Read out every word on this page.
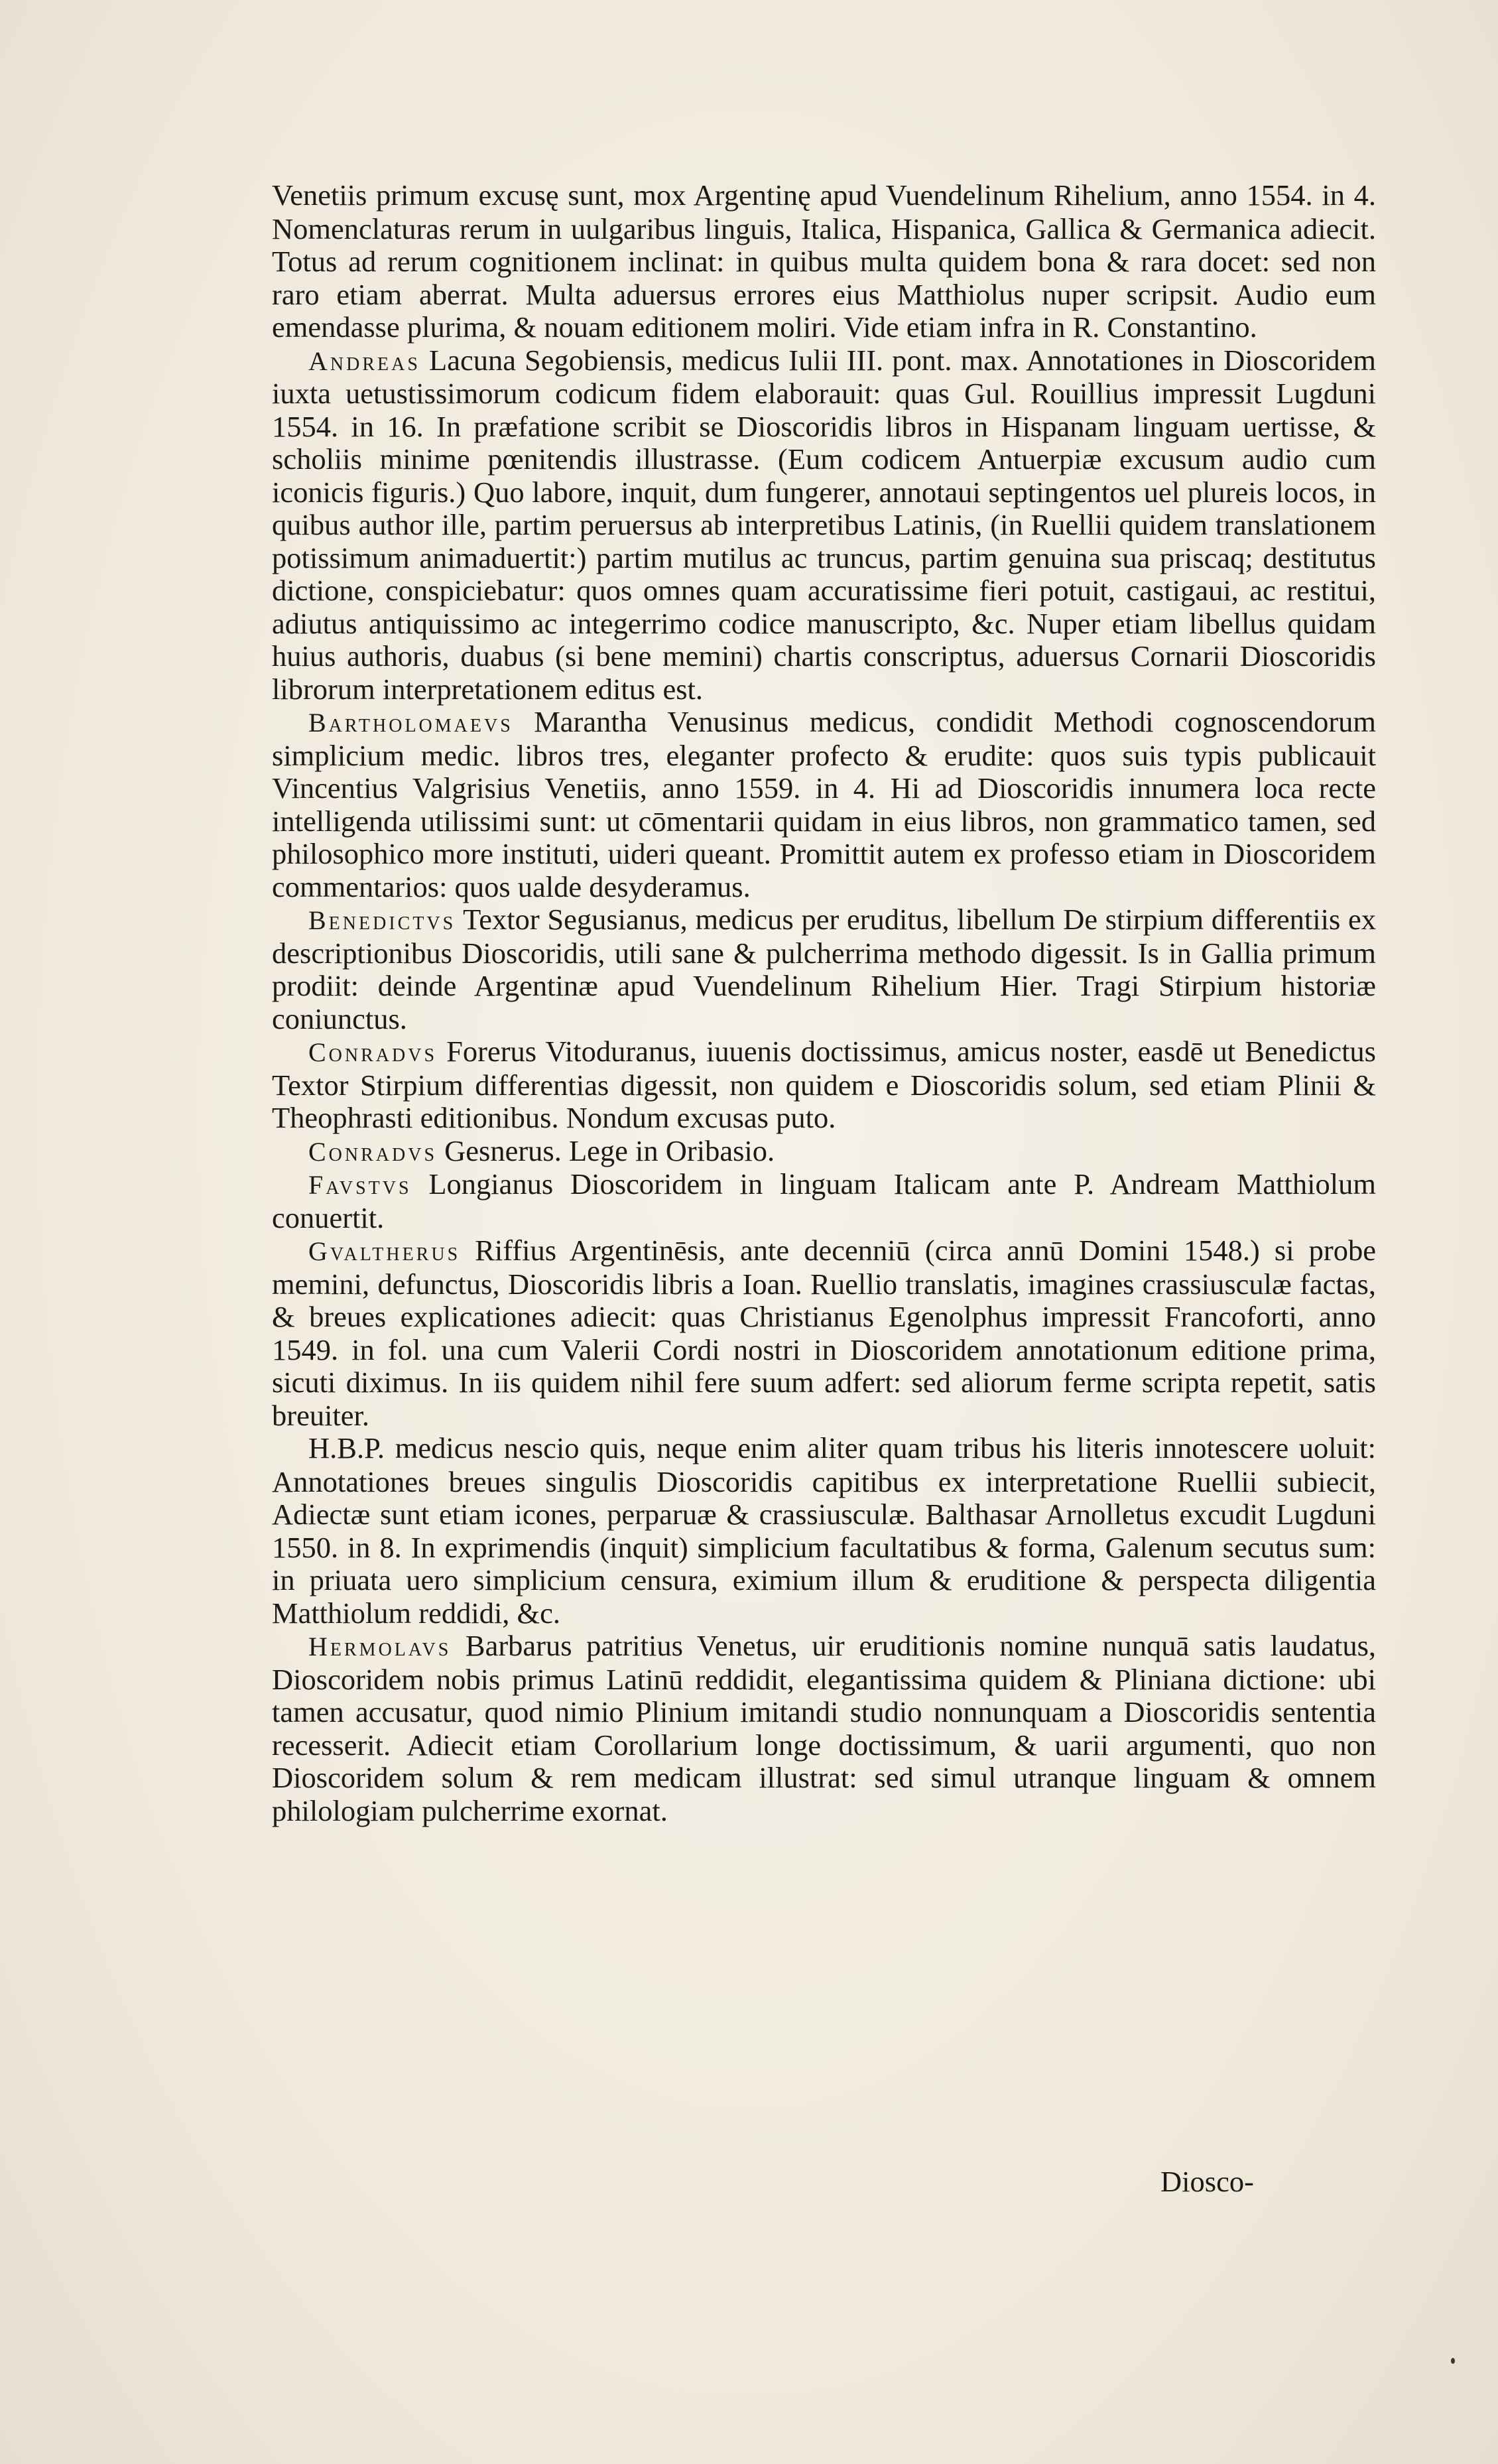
Venetiis primum excusę sunt, mox Argentinę apud Vuendelinum Rihelium, anno 1554. in 4. Nomenclaturas rerum in uulgaribus linguis, Italica, Hispanica, Gallica & Germanica adiecit. Totus ad rerum cognitionem inclinat: in quibus multa quidem bona & rara docet: sed non raro etiam aberrat. Multa aduersus errores eius Matthiolus nuper scripsit. Audio eum emendasse plurima, & nouam editionem moliri. Vide etiam infra in R. Constantino.

Andreas Lacuna Segobiensis, medicus Iulii III. pont. max. Annotationes in Dioscoridem iuxta uetustissimorum codicum fidem elaborauit: quas Gul. Rouillius impressit Lugduni 1554. in 16. In præfatione scribit se Dioscoridis libros in Hispanam linguam uertisse, & scholiis minime pœnitendis illustrasse. (Eum codicem Antuerpiæ excusum audio cum iconicis figuris.) Quo labore, inquit, dum fungerer, annotaui septingentos uel plureis locos, in quibus author ille, partim peruersus ab interpretibus Latinis, (in Ruellii quidem translationem potissimum animaduertit:) partim mutilus ac truncus, partim genuina sua priscaq; destitutus dictione, conspiciebatur: quos omnes quam accuratissime fieri potuit, castigaui, ac restitui, adiutus antiquissimo ac integerrimo codice manuscripto, &c. Nuper etiam libellus quidam huius authoris, duabus (si bene memini) chartis conscriptus, aduersus Cornarii Dioscoridis librorum interpretationem editus est.

Bartholomaevs Marantha Venusinus medicus, condidit Methodi cognoscendorum simplicium medic. libros tres, eleganter profecto & erudite: quos suis typis publicauit Vincentius Valgrisius Venetiis, anno 1559. in 4. Hi ad Dioscoridis innumera loca recte intelligenda utilissimi sunt: ut cōmentarii quidam in eius libros, non grammatico tamen, sed philosophico more instituti, uideri queant. Promittit autem ex professo etiam in Dioscoridem commentarios: quos ualde desyderamus.

Benedictvs Textor Segusianus, medicus per eruditus, libellum De stirpium differentiis ex descriptionibus Dioscoridis, utili sane & pulcherrima methodo digessit. Is in Gallia primum prodiit: deinde Argentinæ apud Vuendelinum Rihelium Hier. Tragi Stirpium historiæ coniunctus.

Conradvs Forerus Vitoduranus, iuuenis doctissimus, amicus noster, easdē ut Benedictus Textor Stirpium differentias digessit, non quidem e Dioscoridis solum, sed etiam Plinii & Theophrasti editionibus. Nondum excusas puto.

Conradvs Gesnerus. Lege in Oribasio.

Favstvs Longianus Dioscoridem in linguam Italicam ante P. Andream Matthiolum conuertit.

Gvaltherus Riffius Argentinēsis, ante decenniū (circa annū Domini 1548.) si probe memini, defunctus, Dioscoridis libris a Ioan. Ruellio translatis, imagines crassiusculæ factas, & breues explicationes adiecit: quas Christianus Egenolphus impressit Francoforti, anno 1549. in fol. una cum Valerii Cordi nostri in Dioscoridem annotationum editione prima, sicuti diximus. In iis quidem nihil fere suum adfert: sed aliorum ferme scripta repetit, satis breuiter.

H.B.P. medicus nescio quis, neque enim aliter quam tribus his literis innotescere uoluit: Annotationes breues singulis Dioscoridis capitibus ex interpretatione Ruellii subiecit, Adiectæ sunt etiam icones, perparuæ & crassiusculæ. Balthasar Arnolletus excudit Lugduni 1550. in 8. In exprimendis (inquit) simplicium facultatibus & forma, Galenum secutus sum: in priuata uero simplicium censura, eximium illum & eruditione & perspecta diligentia Matthiolum reddidi, &c.

Hermolavs Barbarus patritius Venetus, uir eruditionis nomine nunquā satis laudatus, Dioscoridem nobis primus Latinū reddidit, elegantissima quidem & Pliniana dictione: ubi tamen accusatur, quod nimio Plinium imitandi studio nonnunquam a Dioscoridis sententia recesserit. Adiecit etiam Corollarium longe doctissimum, & uarii argumenti, quo non Dioscoridem solum & rem medicam illustrat: sed simul utranque linguam & omnem philologiam pulcherrime exornat.

Diosco-
